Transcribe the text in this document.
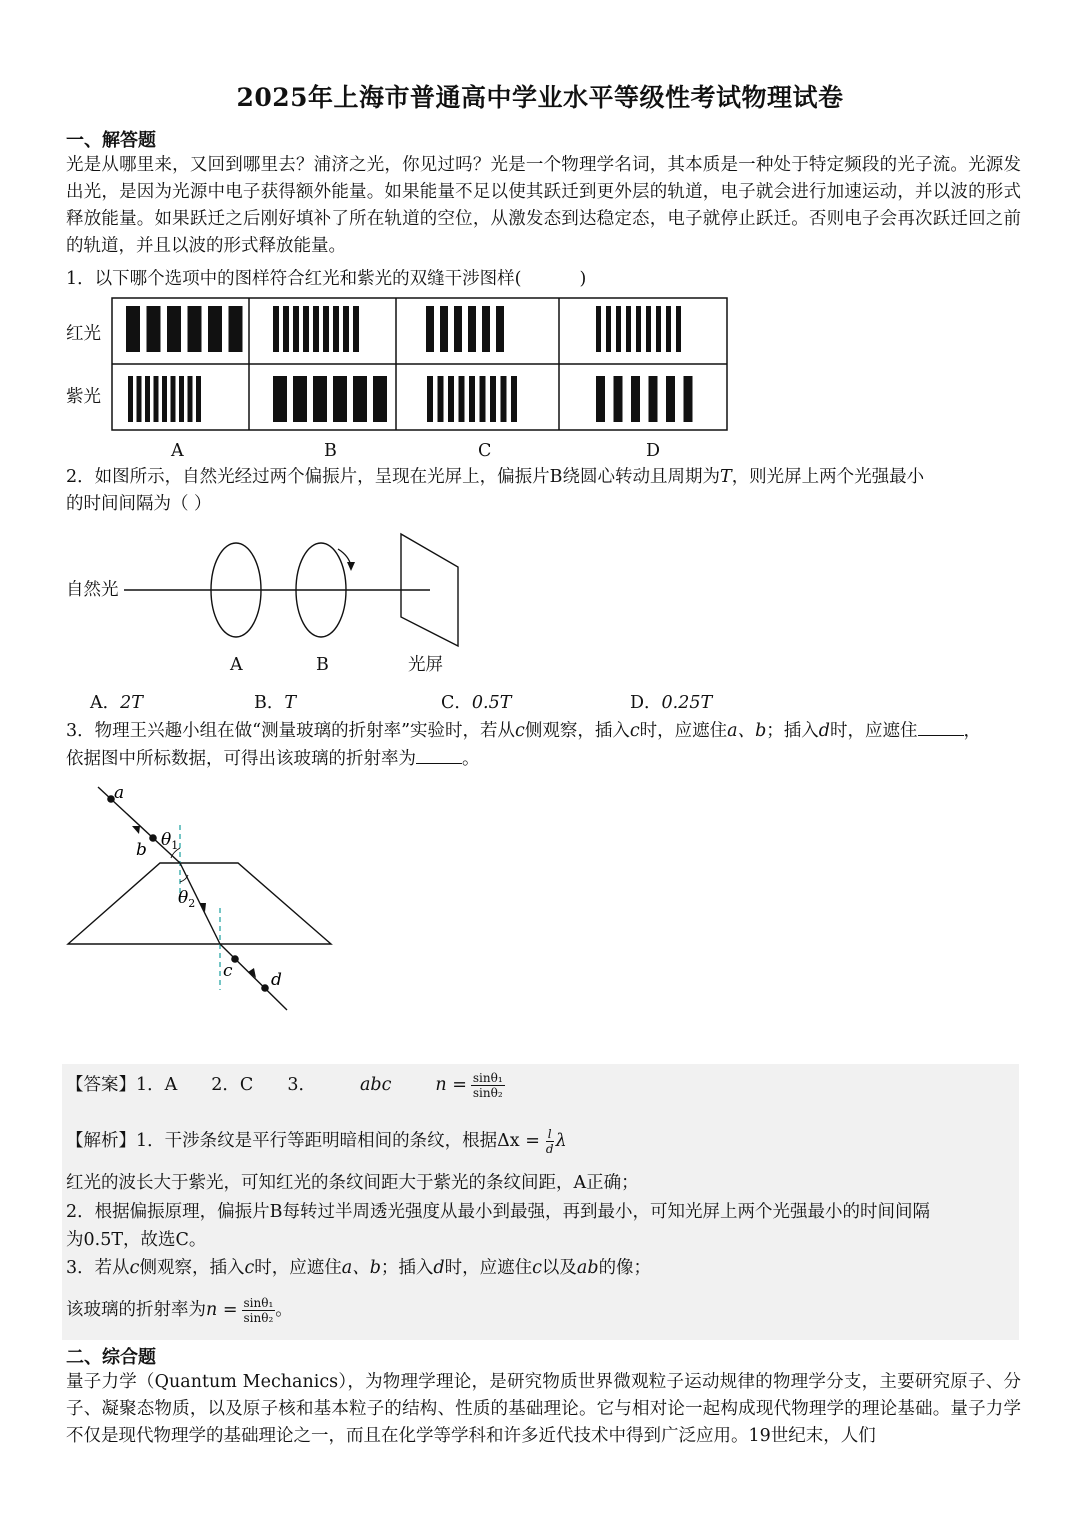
2025年上海市普通高中学业水平等级性考试物理试卷
一、解答题
光是从哪里来，又回到哪里去？浦济之光，你见过吗？光是一个物理学名词，其本质是一种处于特定频段的光子流。光源发出光，是因为光源中电子获得额外能量。如果能量不足以使其跃迁到更外层的轨道，电子就会进行加速运动，并以波的形式释放能量。如果跃迁之后刚好填补了所在轨道的空位，从激发态到达稳定态，电子就停止跃迁。否则电子会再次跃迁回之前的轨道，并且以波的形式释放能量。
1．以下哪个选项中的图样符合红光和紫光的双缝干涉图样(	)
红光
紫光
A	B	C	D
2．如图所示，自然光经过两个偏振片，呈现在光屏上，偏振片B绕圆心转动且周期为T，则光屏上两个光强最小
的时间间隔为（ ）
自然光
A	B	光屏
A．2T	B．T	C．0.5T	D．0.25T
3．物理王兴趣小组在做“测量玻璃的折射率”实验时，若从c侧观察，插入c时，应遮住a、b；插入d时，应遮住	，
依据图中所标数据，可得出该玻璃的折射率为	。
a
b $\theta_1$
$\theta_2$
c d
【答案】1．A 2．C 3．	abc	$n = \frac{\text{sinθ₁}}{\text{sinθ₂}}$
【解析】1．干涉条纹是平行等距明暗相间的条纹，根据$\Delta x = \frac{l}{d}$ λ
红光的波长大于紫光，可知红光的条纹间距大于紫光的条纹间距，A正确；
2．根据偏振原理，偏振片B每转过半周透光强度从最小到最强，再到最小，可知光屏上两个光强最小的时间间隔
为0.5T，故选C。
3．若从c侧观察，插入c时，应遮住a、b；插入d时，应遮住c以及ab的像；
该玻璃的折射率为$n = \frac{\text{sinθ₁}}{\text{sinθ₂}}$ 。
二、综合题
量子力学（Quantum Mechanics），为物理学理论，是研究物质世界微观粒子运动规律的物理学分支，主要研究原子、分子、凝聚态物质，以及原子核和基本粒子的结构、性质的基础理论。它与相对论一起构成现代物理学的理论基础。量子力学不仅是现代物理学的基础理论之一，而且在化学等学科和许多近代技术中得到广泛应用。19世纪末，人们
